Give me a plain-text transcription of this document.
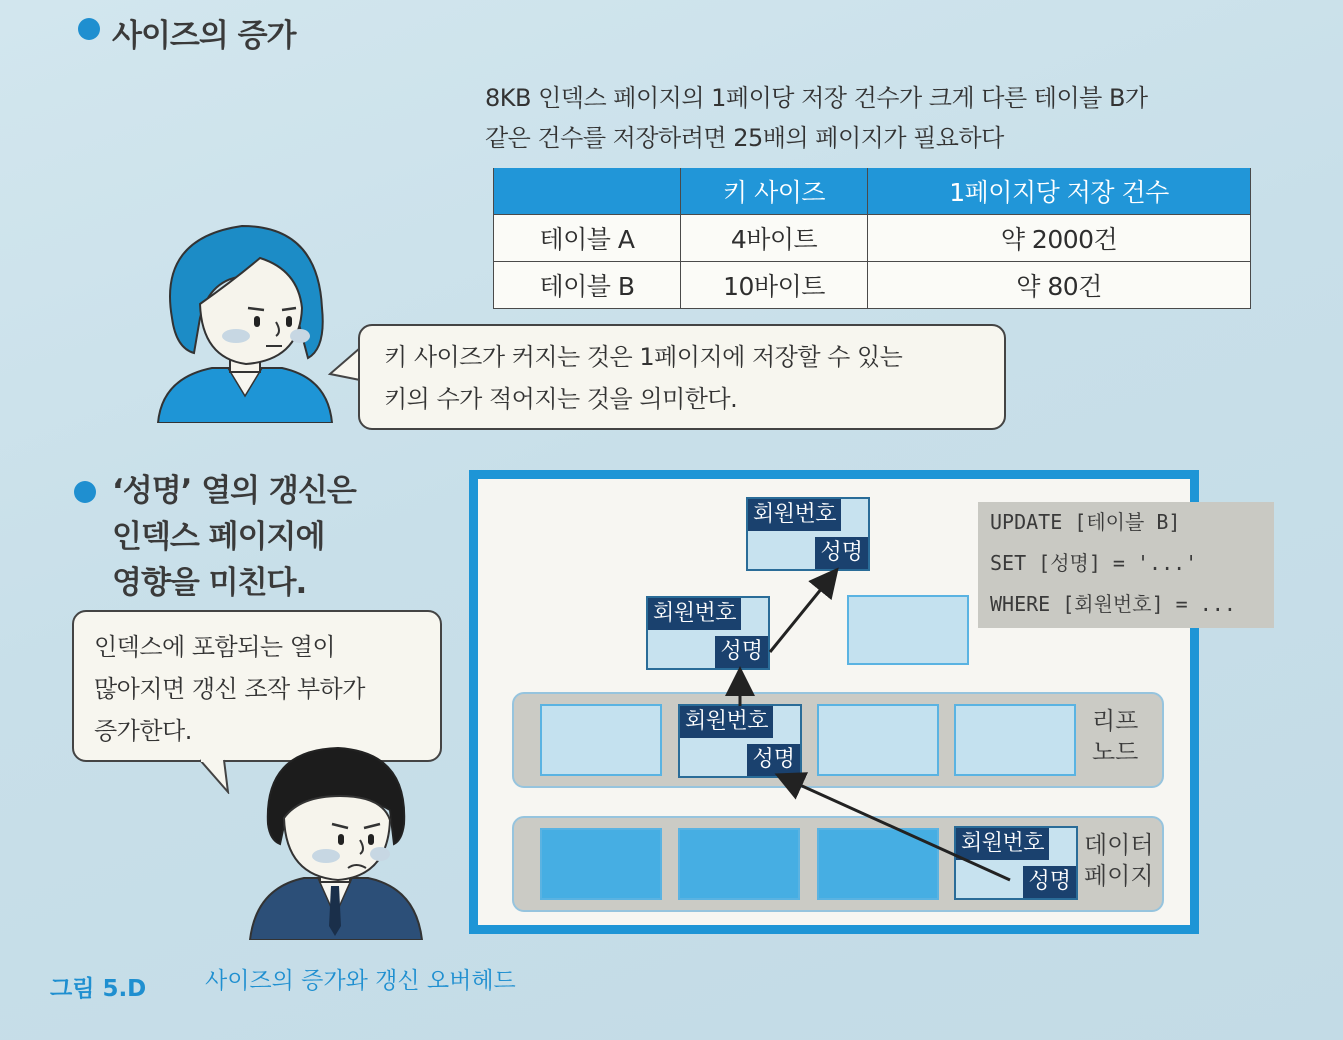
사이즈의 증가
8KB 인덱스 페이지의 1페이당 저장 건수가 크게 다른 테이블 B가
같은 건수를 저장하려면 25배의 페이지가 필요하다
	키 사이즈	1페이지당 저장 건수
테이블 A	4바이트	약 2000건
테이블 B	10바이트	약 80건
키 사이즈가 커지는 것은 1페이지에 저장할 수 있는
키의 수가 적어지는 것을 의미한다.
‘성명’ 열의 갱신은
인덱스 페이지에
영향을 미친다.
인덱스에 포함되는 열이
많아지면 갱신 조작 부하가
증가한다.	리프
노드
데이터
페이지
회원번호
성명
회원번호
성명
회원번호
성명
회원번호
성명
UPDATE [테이블 B]
SET [성명] = '...'
WHERE [회원번호] = ...
그림 5.D	사이즈의 증가와 갱신 오버헤드
